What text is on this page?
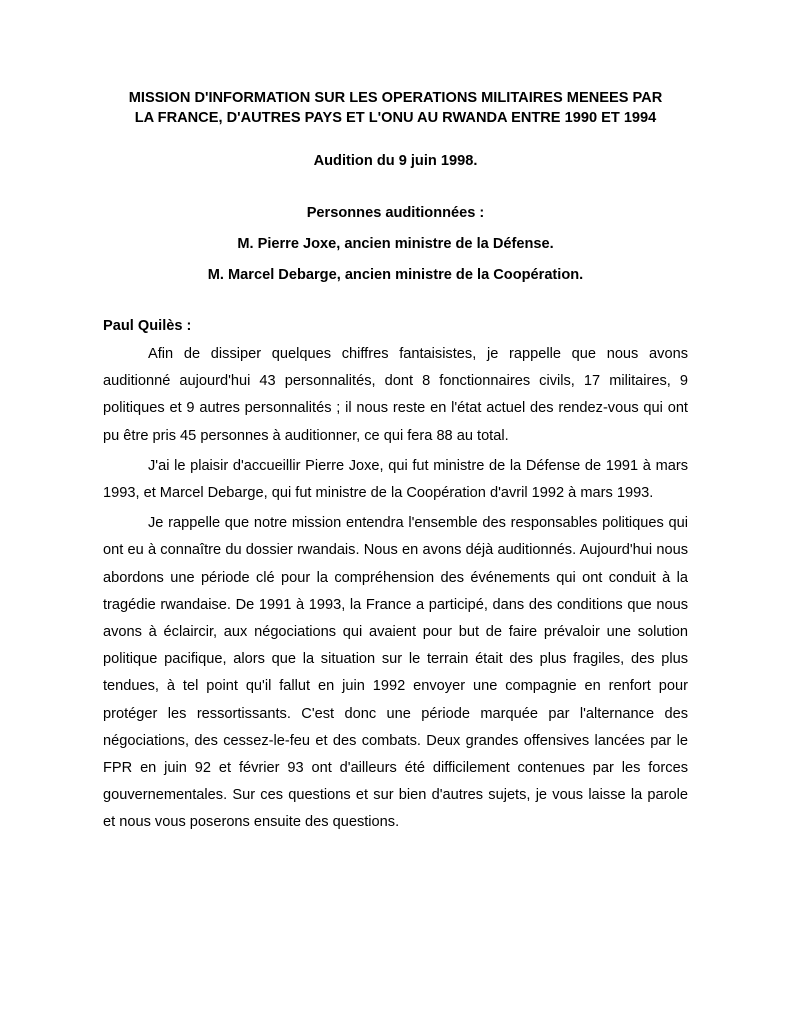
MISSION D'INFORMATION SUR LES OPERATIONS MILITAIRES MENEES PAR
LA FRANCE, D'AUTRES PAYS ET L'ONU AU RWANDA ENTRE 1990 ET 1994

Audition du 9 juin 1998.

Personnes auditionnées :
M. Pierre Joxe, ancien ministre de la Défense.
M. Marcel Debarge, ancien ministre de la Coopération.

Paul Quilès :

Afin de dissiper quelques chiffres fantaisistes, je rappelle que nous avons auditionné aujourd'hui 43 personnalités, dont 8 fonctionnaires civils, 17 militaires, 9 politiques et 9 autres personnalités ; il nous reste en l'état actuel des rendez-vous qui ont pu être pris 45 personnes à auditionner, ce qui fera 88 au total.

J'ai le plaisir d'accueillir Pierre Joxe, qui fut ministre de la Défense de 1991 à mars 1993, et Marcel Debarge, qui fut ministre de la Coopération d'avril 1992 à mars 1993.

Je rappelle que notre mission entendra l'ensemble des responsables politiques qui ont eu à connaître du dossier rwandais. Nous en avons déjà auditionnés. Aujourd'hui nous abordons une période clé pour la compréhension des événements qui ont conduit à la tragédie rwandaise. De 1991 à 1993, la France a participé, dans des conditions que nous avons à éclaircir, aux négociations qui avaient pour but de faire prévaloir une solution politique pacifique, alors que la situation sur le terrain était des plus fragiles, des plus tendues, à tel point qu'il fallut en juin 1992 envoyer une compagnie en renfort pour protéger les ressortissants. C'est donc une période marquée par l'alternance des négociations, des cessez-le-feu et des combats. Deux grandes offensives lancées par le FPR en juin 92 et février 93 ont d'ailleurs été difficilement contenues par les forces gouvernementales. Sur ces questions et sur bien d'autres sujets, je vous laisse la parole et nous vous poserons ensuite des questions.
